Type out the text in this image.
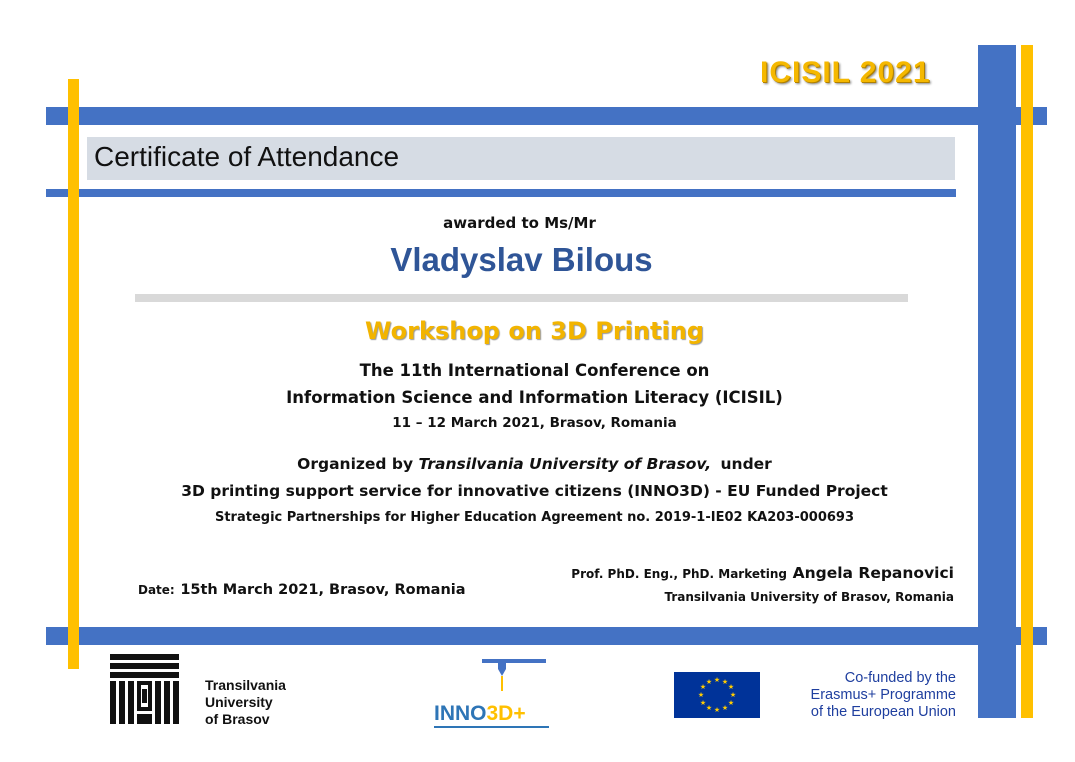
ICISIL 2021
Certificate of Attendance
awarded to Ms/Mr
Vladyslav Bilous
Workshop on 3D Printing
The 11th International Conference on
Information Science and Information Literacy (ICISIL)
11 – 12 March 2021, Brasov, Romania
Organized by Transilvania University of Brasov, under
3D printing support service for innovative citizens (INNO3D) - EU Funded Project
Strategic Partnerships for Higher Education Agreement no. 2019-1-IE02 KA203-000693
Date: 15th March 2021, Brasov, Romania
Prof. PhD. Eng., PhD. Marketing Angela Repanovici
Transilvania University of Brasov, Romania
Transilvania
University
of Brasov	INNO3D+
★ ★
★
★
★
★
★
★
★
★
★
★	Co-funded by the
Erasmus+ Programme
of the European Union
